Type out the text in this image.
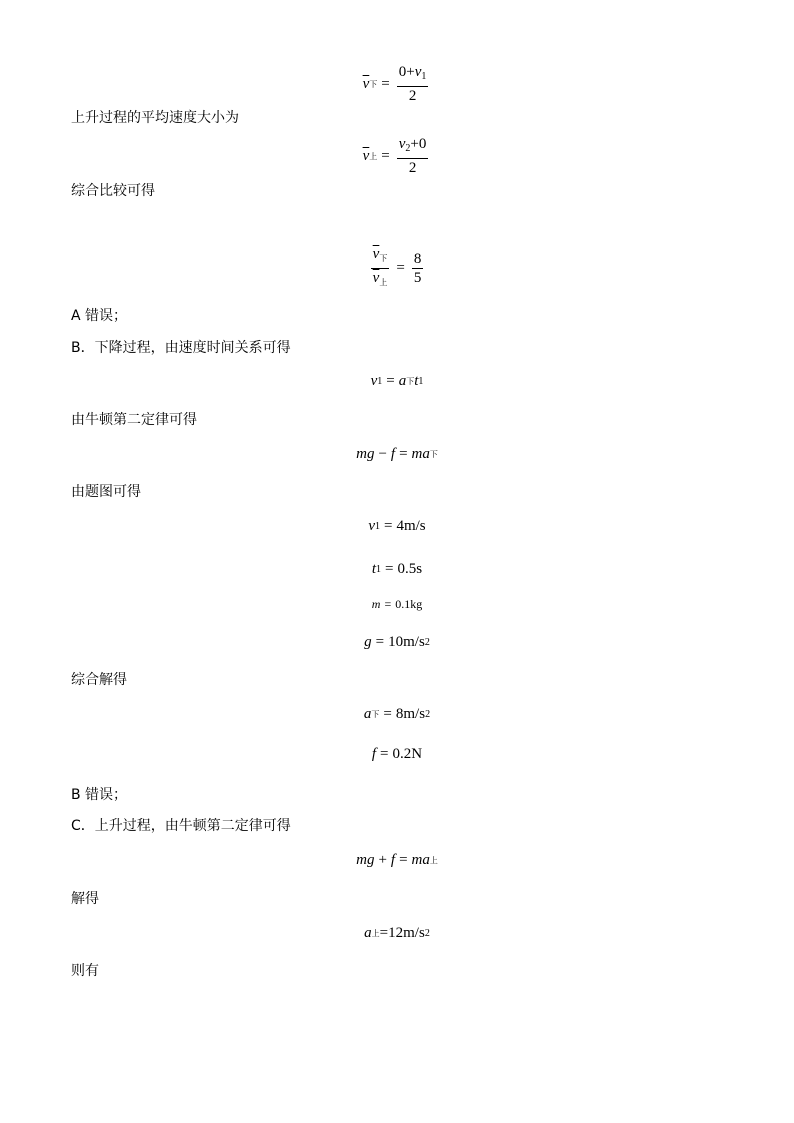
$\overline{v}$ 下 = $\frac{0+v_1}{2}$
上升过程的平均速度大小为
$\overline{v}$ 上 = $\frac{v_2+0}{2}$
综合比较可得
$\frac{\overline{v}_下}{\overline{v}_上} = \frac{8}{5}$
A 错误；
B．下降过程，由速度时间关系可得
v 1 = a 下 t 1
由牛顿第二定律可得
m g − f = m a 下
由题图可得
v 1 = 4m/s
t 1 = 0.5s
m = 0.1kg
g = 10m/s 2
综合解得
a 下 = 8m/s 2
f = 0.2N
B 错误；
C．上升过程，由牛顿第二定律可得
m g + f = m a 上
解得
a 上 =12m/s 2
则有
